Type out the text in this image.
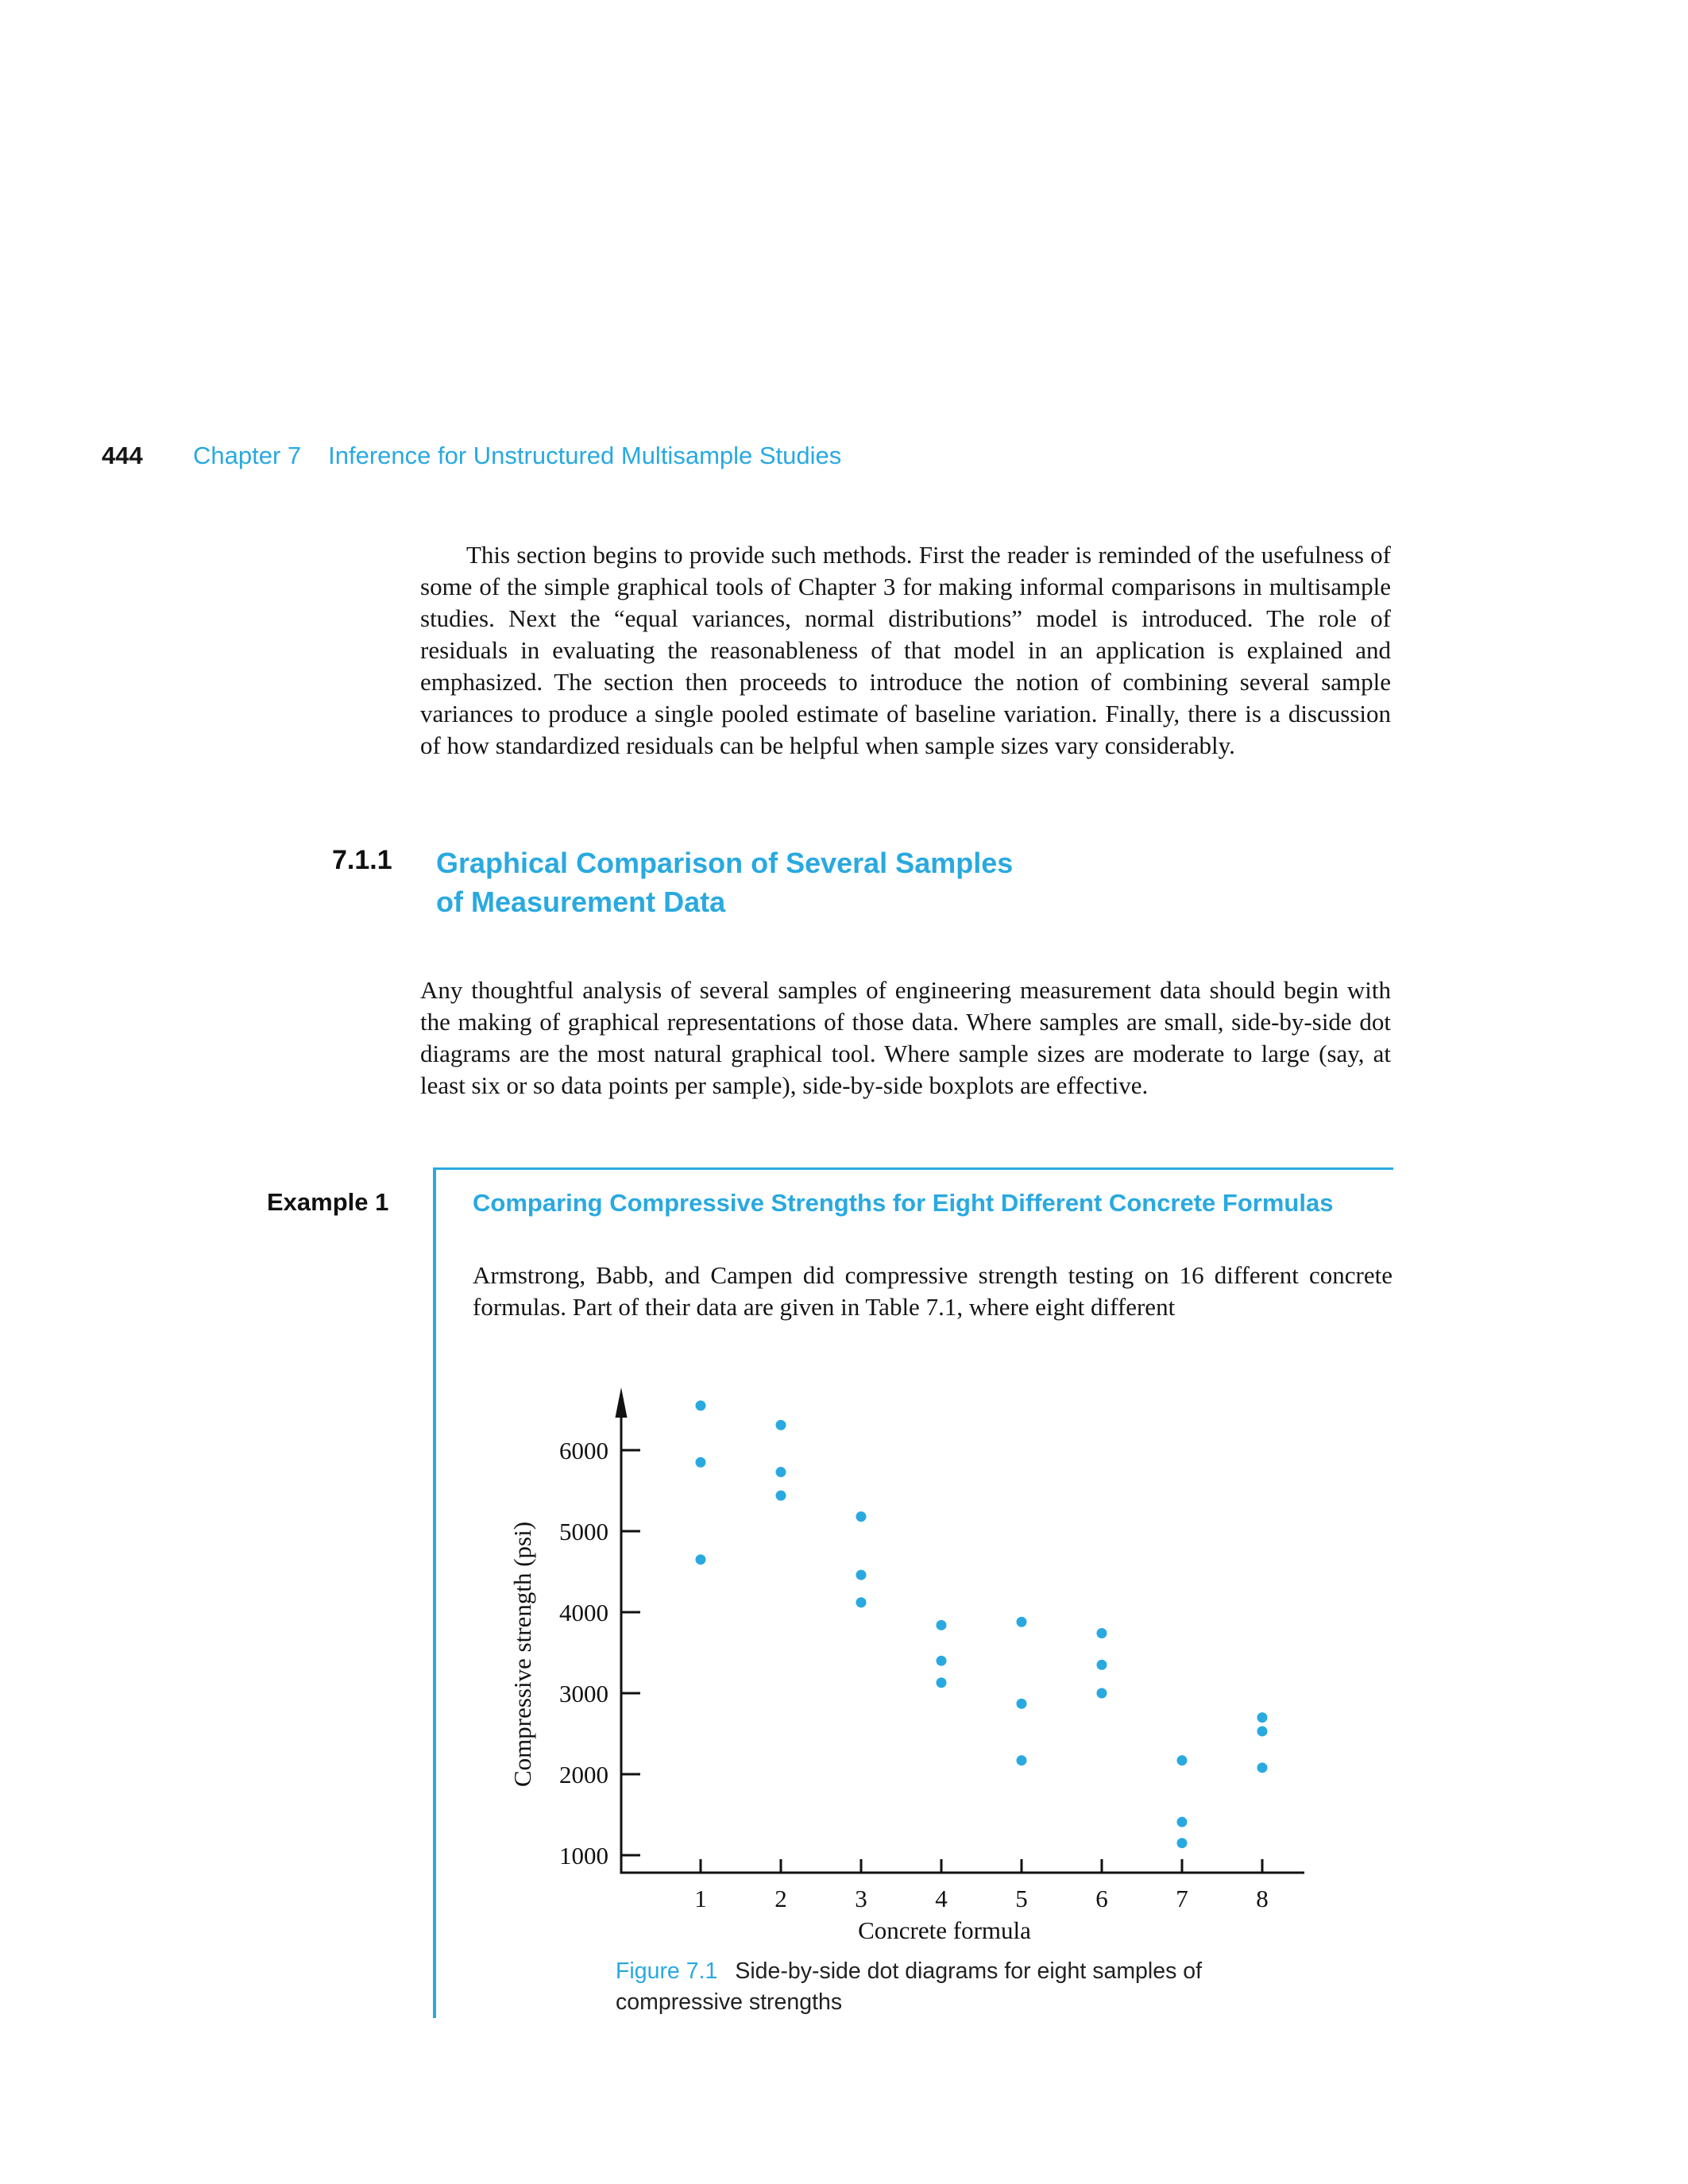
444 Chapter 7 Inference for Unstructured Multisample Studies

This section begins to provide such methods. First the reader is reminded of the usefulness of some of the simple graphical tools of Chapter 3 for making informal comparisons in multisample studies. Next the “equal variances, normal distributions” model is introduced. The role of residuals in evaluating the reasonableness of that model in an application is explained and emphasized. The section then proceeds to introduce the notion of combining several sample variances to produce a single pooled estimate of baseline variation. Finally, there is a discussion of how standardized residuals can be helpful when sample sizes vary considerably.

7.1.1 Graphical Comparison of Several Samples
of Measurement Data

Any thoughtful analysis of several samples of engineering measurement data should begin with the making of graphical representations of those data. Where samples are small, side-by-side dot diagrams are the most natural graphical tool. Where sample sizes are moderate to large (say, at least six or so data points per sample), side-by-side boxplots are effective.

Example 1	Comparing Compressive Strengths for Eight Different Concrete Formulas

Armstrong, Babb, and Campen did compressive strength testing on 16 different concrete formulas. Part of their data are given in Table 7.1, where eight different

1000
2000
3000
4000
5000
6000
1	2	3	4	5	6	7	8
Concrete formula
Compressive strength (psi)
Figure 7.1 Side-by-side dot diagrams for eight samples of compressive strengths
